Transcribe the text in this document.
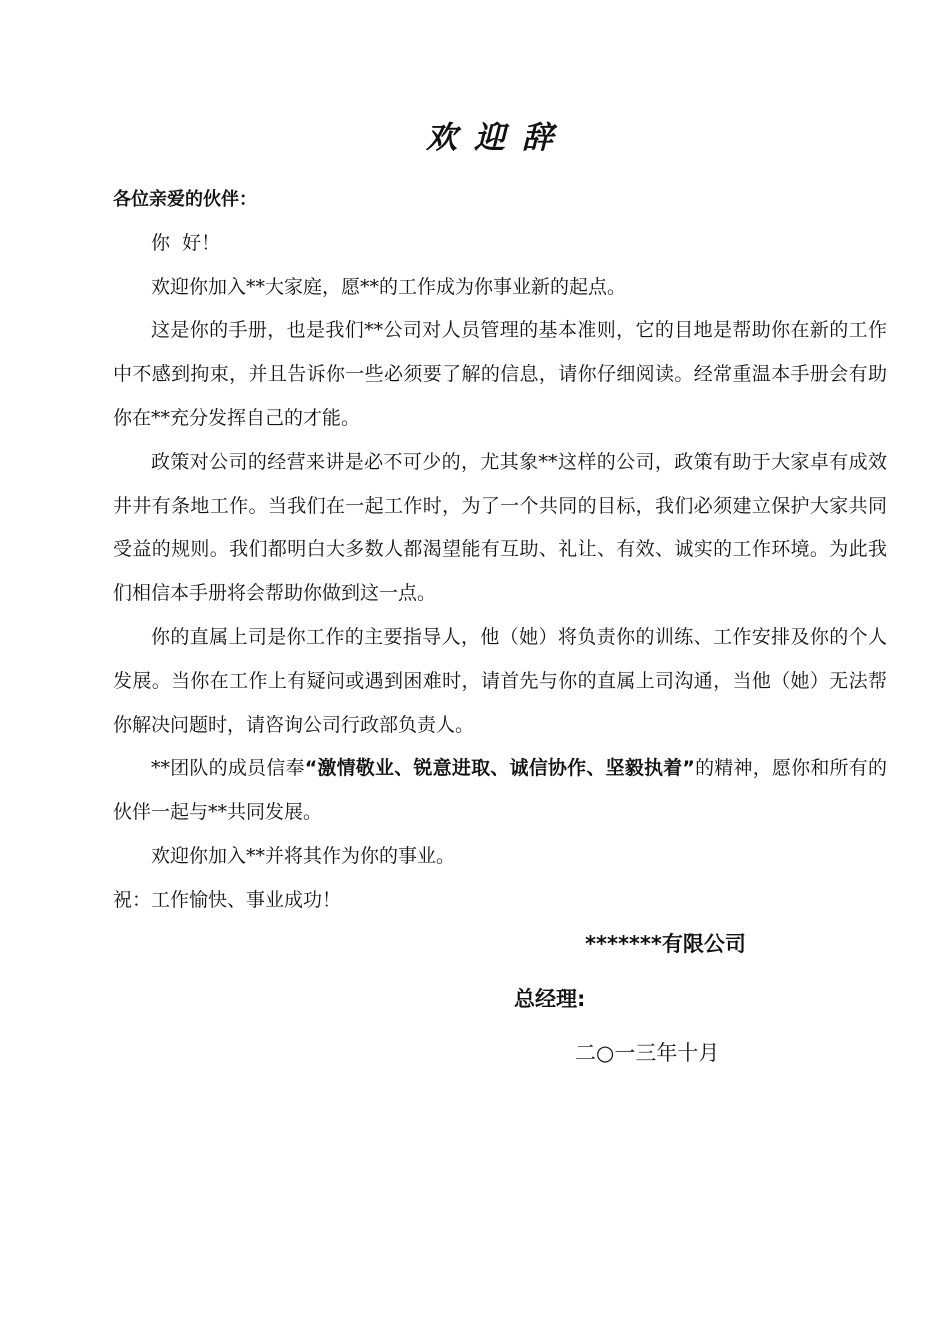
欢迎辞

各位亲爱的伙伴：

你  好！

欢迎你加入**大家庭，愿**的工作成为你事业新的起点。

这是你的手册，也是我们**公司对人员管理的基本准则，它的目地是帮助你在新的工作中不感到拘束，并且告诉你一些必须要了解的信息，请你仔细阅读。经常重温本手册会有助你在**充分发挥自己的才能。

政策对公司的经营来讲是必不可少的，尤其象**这样的公司，政策有助于大家卓有成效井井有条地工作。当我们在一起工作时，为了一个共同的目标，我们必须建立保护大家共同受益的规则。我们都明白大多数人都渴望能有互助、礼让、有效、诚实的工作环境。为此我们相信本手册将会帮助你做到这一点。

你的直属上司是你工作的主要指导人，他（她）将负责你的训练、工作安排及你的个人发展。当你在工作上有疑问或遇到困难时，请首先与你的直属上司沟通，当他（她）无法帮你解决问题时，请咨询公司行政部负责人。

**团队的成员信奉“激情敬业、锐意进取、诚信协作、坚毅执着”的精神，愿你和所有的伙伴一起与**共同发展。

欢迎你加入**并将其作为你的事业。

祝：工作愉快、事业成功！

*******有限公司
总经理:
二○一三年十月
